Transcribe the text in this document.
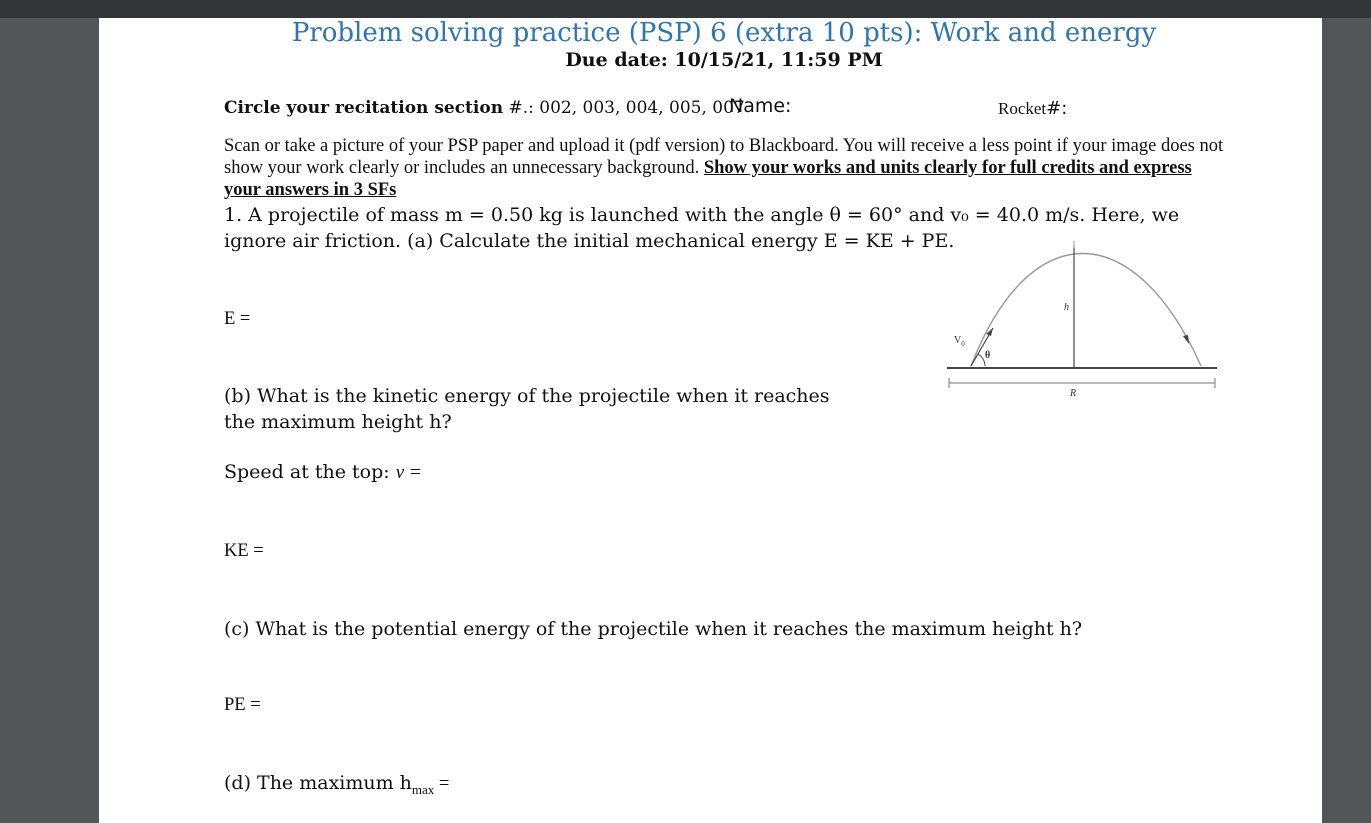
Problem solving practice (PSP) 6 (extra 10 pts): Work and energy
Due date: 10/15/21, 11:59 PM
Circle your recitation section #.: 002, 003, 004, 005, 007
Name:	Rocket#:
Scan or take a picture of your PSP paper and upload it (pdf version) to Blackboard. You will receive a less point if your image does not show your work clearly or includes an unnecessary background. Show your works and units clearly for full credits and express your answers in 3 SFs
1. A projectile of mass m = 0.50 kg is launched with the angle θ = 60° and v₀ = 40.0 m/s. Here, we ignore air friction. (a) Calculate the initial mechanical energy E = KE + PE.
E =
(b) What is the kinetic energy of the projectile when it reaches the maximum height h?
Speed at the top: v =
KE =
(c) What is the potential energy of the projectile when it reaches the maximum height h?
PE =
(d) The maximum $h_{max}$ =
$V_0$
θ
h
R
